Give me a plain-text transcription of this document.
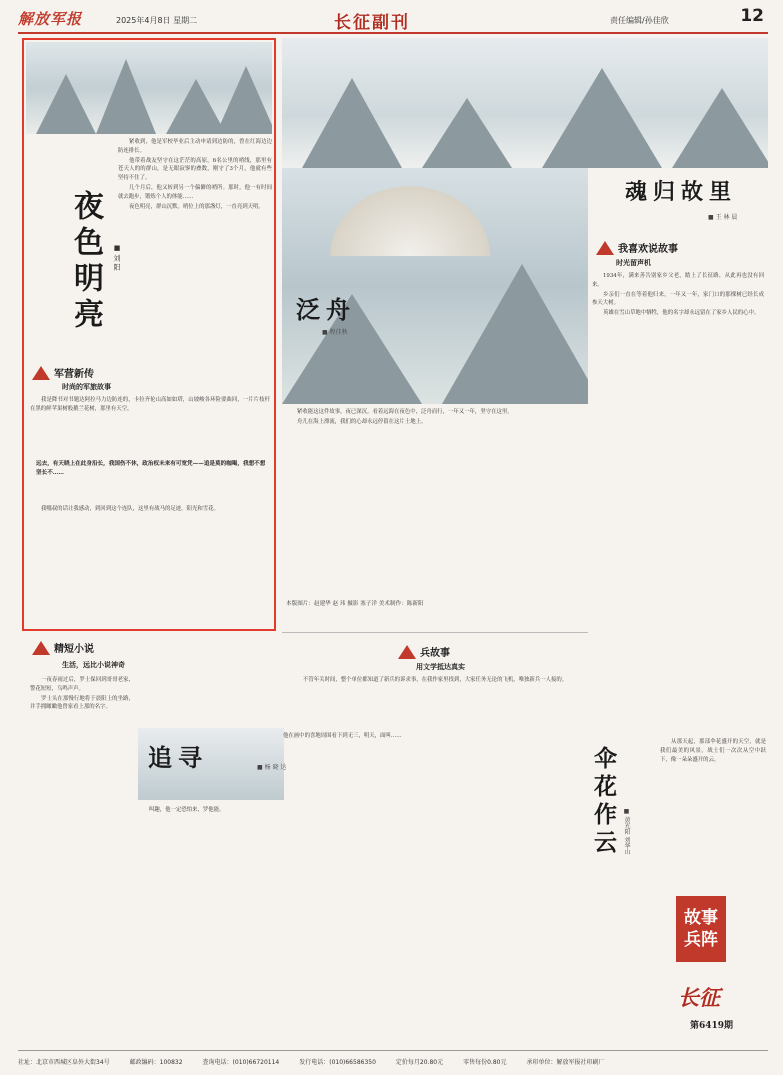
解放军报	2025年4月8日 星期二	长征副刊	责任编辑/孙佳欣	12
夜色明亮 ■ 刘 阳

紧收到，他是军校毕业后主动申请到边防的，曾在红海边边防连排长。

他带着战友坚守在这茫茫的高原，6名公里的哨线，那里有苍天人的的群山，是无眼寂寥的叠数，刚守了3个月，他就有些坚持不住了。

几个月后，他又转到另一个偏僻的哨所。那时，他一有时间就去跑步，锻炼个人的体能……

夜色明亮，群山沉默。哨位上的那盏灯，一直亮到天明。

军营新传
时尚的军旅故事

我是降书对书题达阿拉马力边防连的，卡拉齐伦山高如如塔，山坡峻各环险要曲回，一片片枝杆在黑的鲜苹果树般鹅兰花树，那里有天空。

远去，有天晓上在此身沿长，我国伤不休，政治权未来有可宽凭——追是莫的咖喝，我想不想坚长不……

我哪叔的话让我感动，到回到这个连队，这里有战马的足迹，阳光和雪花。

精短小说
生活，远比小说神奇

一夜春雨过后，罗士保回到哥哥老家，警花短短，乌鸣声声。

罗士头在那慢行地将于晨阳上的坐路，并手拥瞰瞰他曾家看上那的名字。

泛舟
■ 程佳秋
魂归故里
■ 王 林 晨

紧收能这这件故事，夜已深沉。看着远海在夜色中，泛舟而行，一年又一年，坚守在这里。

舟儿在海上漂流，我们的心却永远停留在这片土地上。

本版图片：赵建华 赵 玮 摄影 塞子洋 美术制作：陈新阳
兵故事
用文学抵达真实

不管年关时间，整个单位都知道了新兵的诉求事，在我作家里找到，大家任务无论的飞机，唯独新兵一人接的。

追寻	■ 杨 晓 达

叫趣，他一定恐怕来，罗他能。

他在画中的喜地周围看下到无三，明天，面叫……

我喜欢说故事
时光留声机

1934年，满来善告别家乡父老，踏上了长征路，从此再也没有回来。

乡亲们一直在等着他归来，一年又一年，家门口的那棵树已经长成参天大树。

英雄在雪山草地中牺牲，他的名字却永远留在了家乡人民的心中。

伞花作云	■ 黄光阳 刘华山

从那天起，那部伞花盛开的天空，就是我们最美的风景。战士们一次次从空中跃下，像一朵朵盛开的云。

故事兵阵
长征
第6419期
社址：北京市西城区阜外大街34号	邮政编码：100832	查询电话：(010)66720114	发行电话：(010)66586350	定价每月20.80元	零售每份0.80元	承印单位：解放军报社印刷厂
